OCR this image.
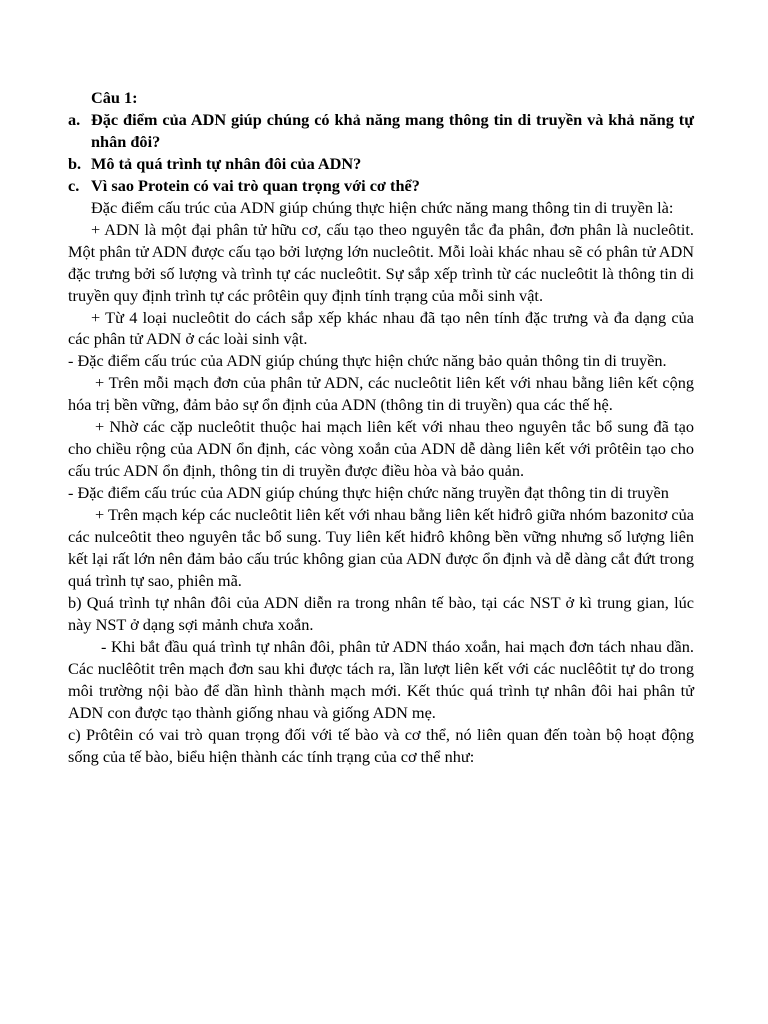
Câu 1:
a. Đặc điểm của ADN giúp chúng có khả năng mang thông tin di truyền và khả năng tự nhân đôi?
b. Mô tả quá trình tự nhân đôi của ADN?
c. Vì sao Protein có vai trò quan trọng với cơ thể?
Đặc điểm cấu trúc của ADN giúp chúng thực hiện chức năng mang thông tin di truyền là:
+ ADN là một đại phân tử hữu cơ, cấu tạo theo nguyên tắc đa phân, đơn phân là nucleôtit. Một phân tử ADN được cấu tạo bởi lượng lớn nucleôtit. Mỗi loài khác nhau sẽ có phân tử ADN đặc trưng bởi số lượng và trình tự các nucleôtit. Sự sắp xếp trình từ các nucleôtit là thông tin di truyền quy định trình tự các prôtêin quy định tính trạng của mỗi sinh vật.
+ Từ 4 loại nucleôtit do cách sắp xếp khác nhau đã tạo nên tính đặc trưng và đa dạng của các phân tử ADN ở các loài sinh vật.
- Đặc điểm cấu trúc của ADN giúp chúng thực hiện chức năng bảo quản thông tin di truyền.
+ Trên mỗi mạch đơn của phân tử ADN, các nucleôtit liên kết với nhau bằng liên kết cộng hóa trị bền vững, đảm bảo sự ổn định của ADN (thông tin di truyền) qua các thế hệ.
+ Nhờ các cặp nucleôtit thuộc hai mạch liên kết với nhau theo nguyên tắc bổ sung đã tạo cho chiều rộng của ADN ổn định, các vòng xoắn của ADN dễ dàng liên kết với prôtêin tạo cho cấu trúc ADN ổn định, thông tin di truyền được điều hòa và bảo quản.
- Đặc điểm cấu trúc của ADN giúp chúng thực hiện chức năng truyền đạt thông tin di truyền
+ Trên mạch kép các nucleôtit liên kết với nhau bằng liên kết hiđrô giữa nhóm bazonitơ của các nulceôtit theo nguyên tắc bổ sung. Tuy liên kết hiđrô không bền vững nhưng số lượng liên kết lại rất lớn nên đảm bảo cấu trúc không gian của ADN được ổn định và dễ dàng cắt đứt trong quá trình tự sao, phiên mã.
b) Quá trình tự nhân đôi của ADN diễn ra trong nhân tế bào, tại các NST ở kì trung gian, lúc này NST ở dạng sợi mảnh chưa xoắn.
- Khi bắt đầu quá trình tự nhân đôi, phân tử ADN tháo xoắn, hai mạch đơn tách nhau dần. Các nuclêôtit trên mạch đơn sau khi được tách ra, lần lượt liên kết với các nuclêôtit tự do trong môi trường nội bào để dần hình thành mạch mới. Kết thúc quá trình tự nhân đôi hai phân tử ADN con được tạo thành giống nhau và giống ADN mẹ.
c) Prôtêin có vai trò quan trọng đối với tế bào và cơ thể, nó liên quan đến toàn bộ hoạt động sống của tế bào, biểu hiện thành các tính trạng của cơ thể như:
